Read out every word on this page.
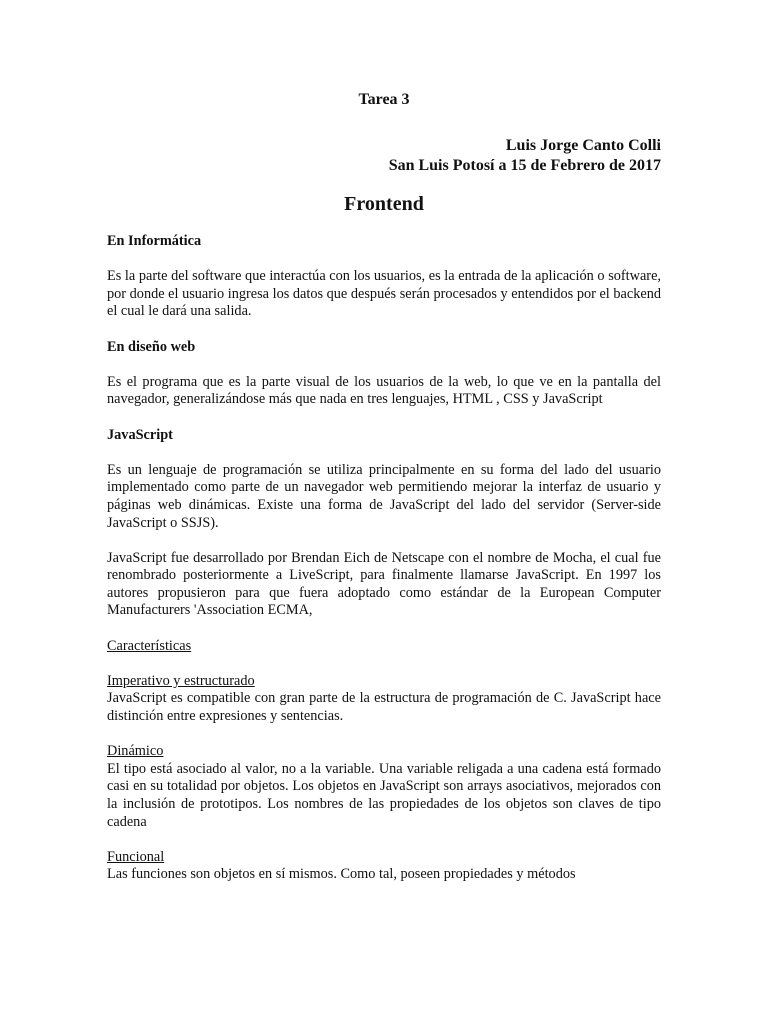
Tarea 3
Luis Jorge Canto Colli
San Luis Potosí a 15 de Febrero de 2017
Frontend

En Informática

Es la parte del software que interactúa con los usuarios, es la entrada de la aplicación o software, por donde el usuario ingresa los datos que después serán procesados y entendidos por el backend el cual le dará una salida.

En diseño web

Es el programa que es la parte visual de los usuarios de la web, lo que ve en la pantalla del navegador, generalizándose más que nada en tres lenguajes, HTML , CSS y JavaScript

JavaScript

Es un lenguaje de programación se utiliza principalmente en su forma del lado del usuario implementado como parte de un navegador web permitiendo mejorar la interfaz de usuario y páginas web dinámicas. Existe una forma de JavaScript del lado del servidor (Server-side JavaScript o SSJS).

JavaScript fue desarrollado por Brendan Eich de Netscape con el nombre de Mocha, el cual fue renombrado posteriormente a LiveScript, para finalmente llamarse JavaScript. En 1997 los autores propusieron para que fuera adoptado como estándar de la European Computer Manufacturers 'Association ECMA,

Características

Imperativo y estructurado

JavaScript es compatible con gran parte de la estructura de programación de C. JavaScript hace distinción entre expresiones y sentencias.

Dinámico

El tipo está asociado al valor, no a la variable. Una variable religada a una cadena está formado casi en su totalidad por objetos. Los objetos en JavaScript son arrays asociativos, mejorados con la inclusión de prototipos. Los nombres de las propiedades de los objetos son claves de tipo cadena

Funcional

Las funciones son objetos en sí mismos. Como tal, poseen propiedades y métodos
